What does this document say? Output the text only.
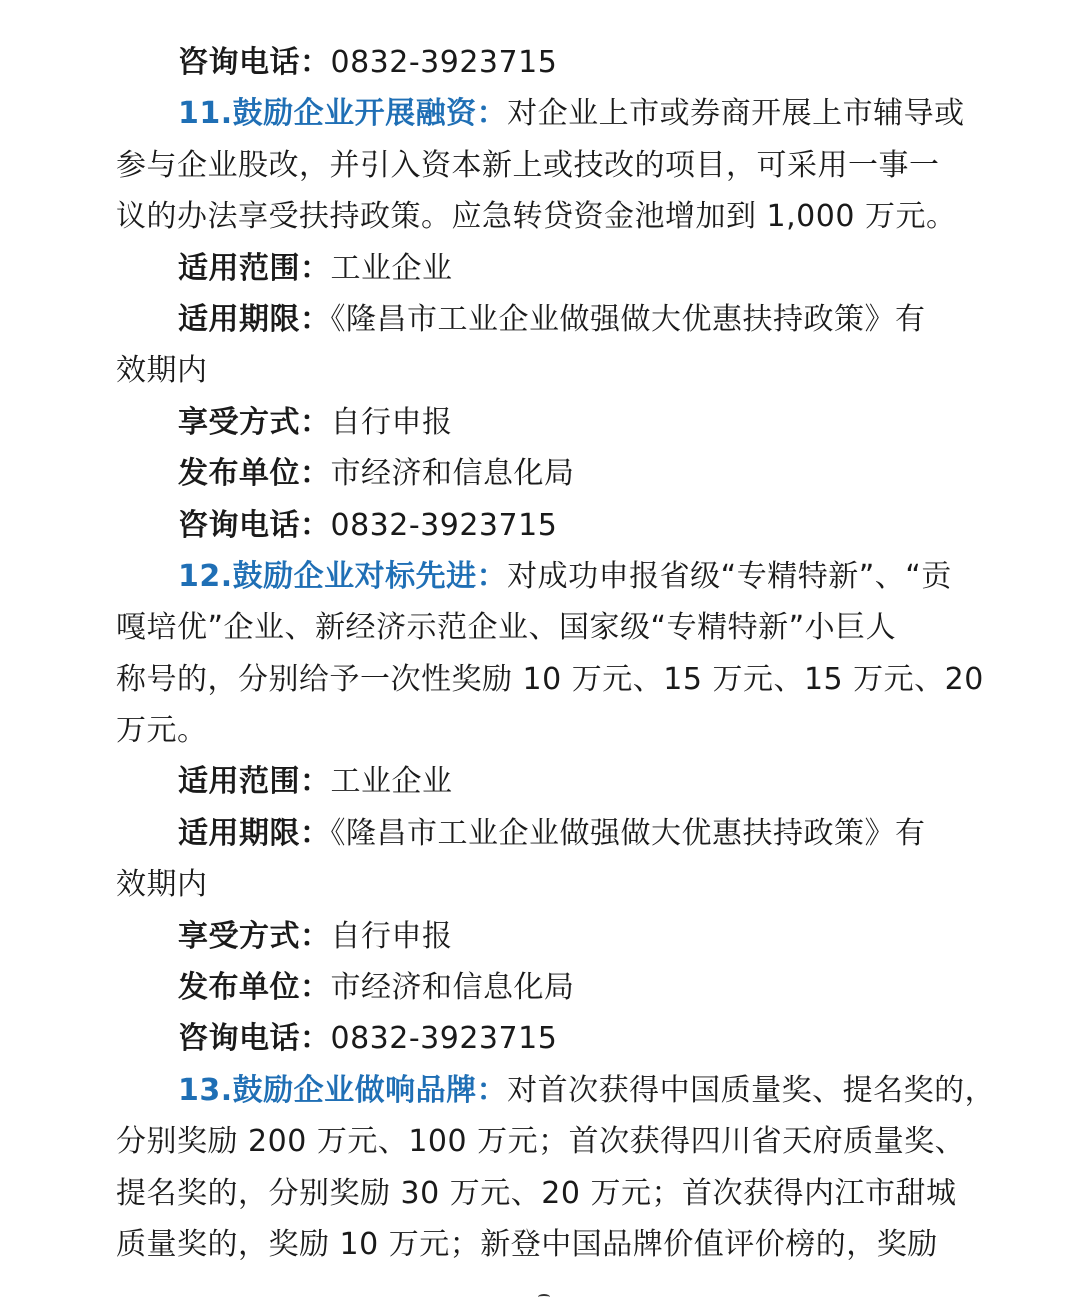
咨询电话：0832-3923715
11.鼓励企业开展融资：对企业上市或券商开展上市辅导或
参与企业股改，并引入资本新上或技改的项目，可采用一事一
议的办法享受扶持政策。应急转贷资金池增加到 1,000 万元。
适用范围：工业企业
适用期限：《隆昌市工业企业做强做大优惠扶持政策》有
效期内
享受方式：自行申报
发布单位：市经济和信息化局
咨询电话：0832-3923715
12.鼓励企业对标先进：对成功申报省级“专精特新”、“贡
嘎培优”企业、新经济示范企业、国家级“专精特新”小巨人
称号的，分别给予一次性奖励 10 万元、15 万元、15 万元、20
万元。
适用范围：工业企业
适用期限：《隆昌市工业企业做强做大优惠扶持政策》有
效期内
享受方式：自行申报
发布单位：市经济和信息化局
咨询电话：0832-3923715
13.鼓励企业做响品牌：对首次获得中国质量奖、提名奖的，
分别奖励 200 万元、100 万元；首次获得四川省天府质量奖、
提名奖的，分别奖励 30 万元、20 万元；首次获得内江市甜城
质量奖的，奖励 10 万元；新登中国品牌价值评价榜的，奖励
